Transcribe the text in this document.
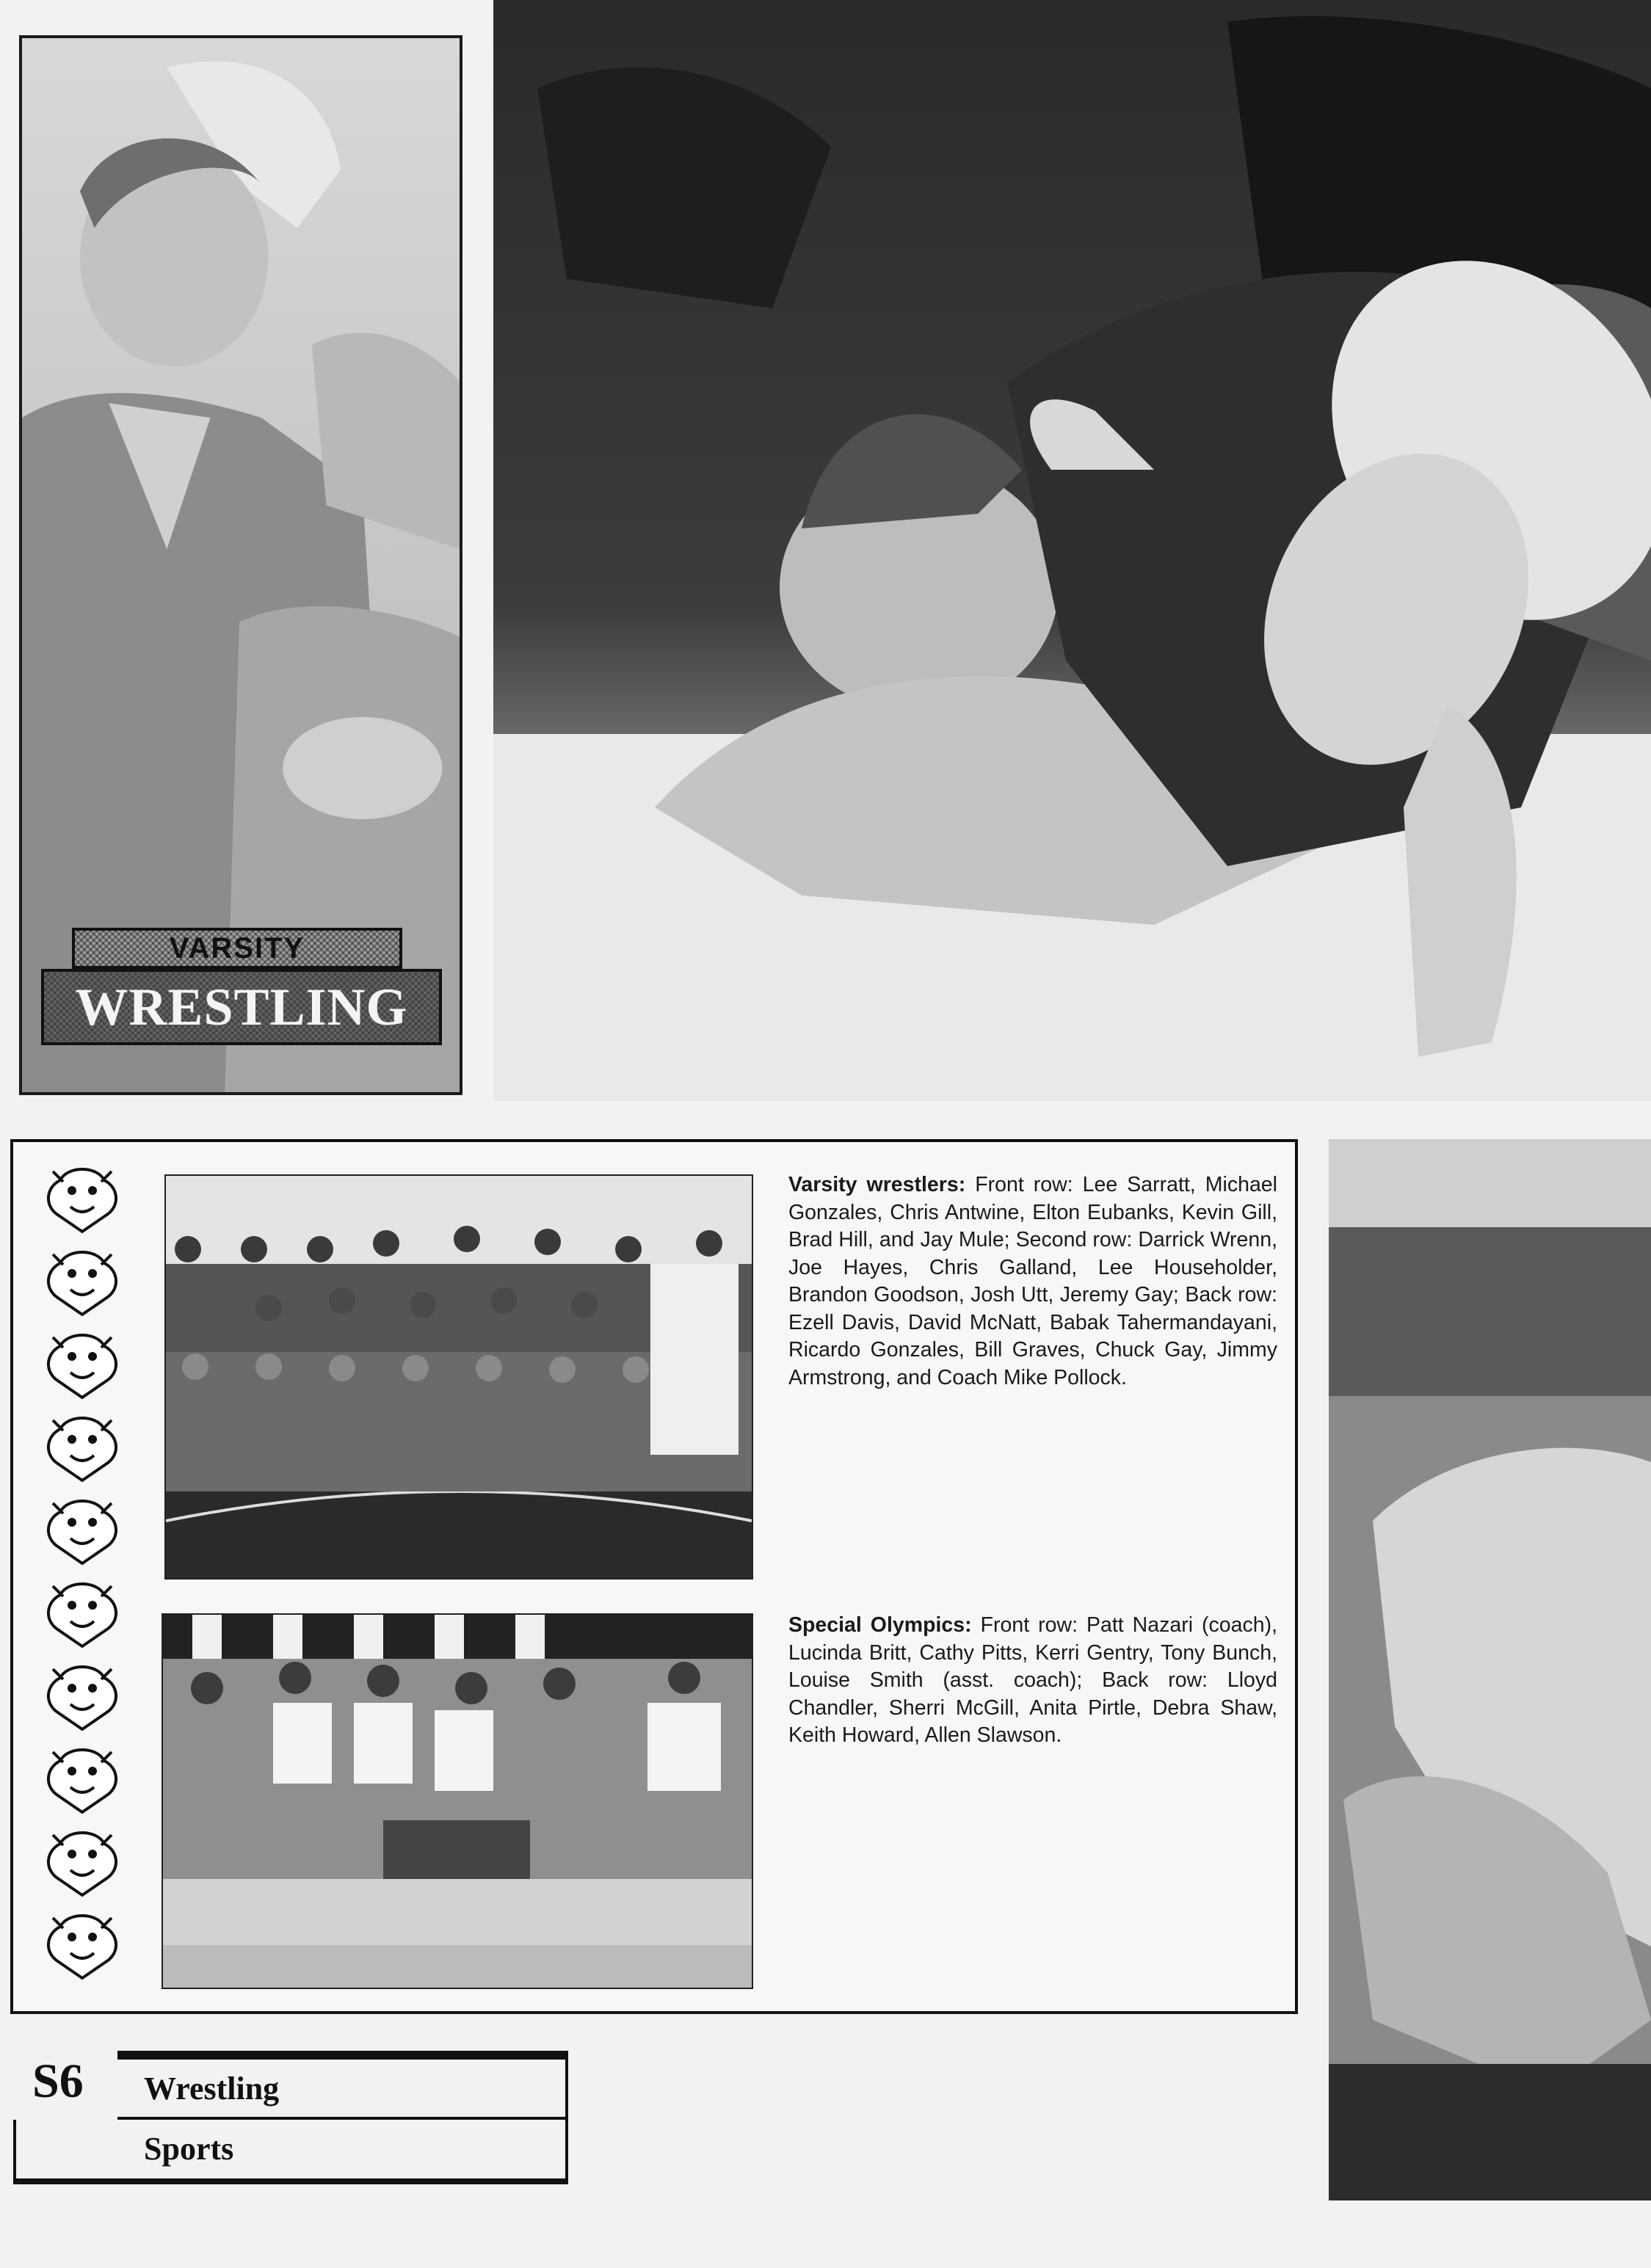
VARSITY
WRESTLING

Varsity wrestlers: Front row: Lee Sarratt, Michael Gonzales, Chris Antwine, Elton Eubanks, Kevin Gill, Brad Hill, and Jay Mule; Second row: Darrick Wrenn, Joe Hayes, Chris Galland, Lee Householder, Brandon Goodson, Josh Utt, Jeremy Gay; Back row: Ezell Davis, David McNatt, Babak Tahermandayani, Ricardo Gonzales, Bill Graves, Chuck Gay, Jimmy Armstrong, and Coach Mike Pollock.

Special Olympics: Front row: Patt Nazari (coach), Lucinda Britt, Cathy Pitts, Kerri Gentry, Tony Bunch, Louise Smith (asst. coach); Back row: Lloyd Chandler, Sherri McGill, Anita Pirtle, Debra Shaw, Keith Howard, Allen Slawson.

S6 Wrestling
Sports
